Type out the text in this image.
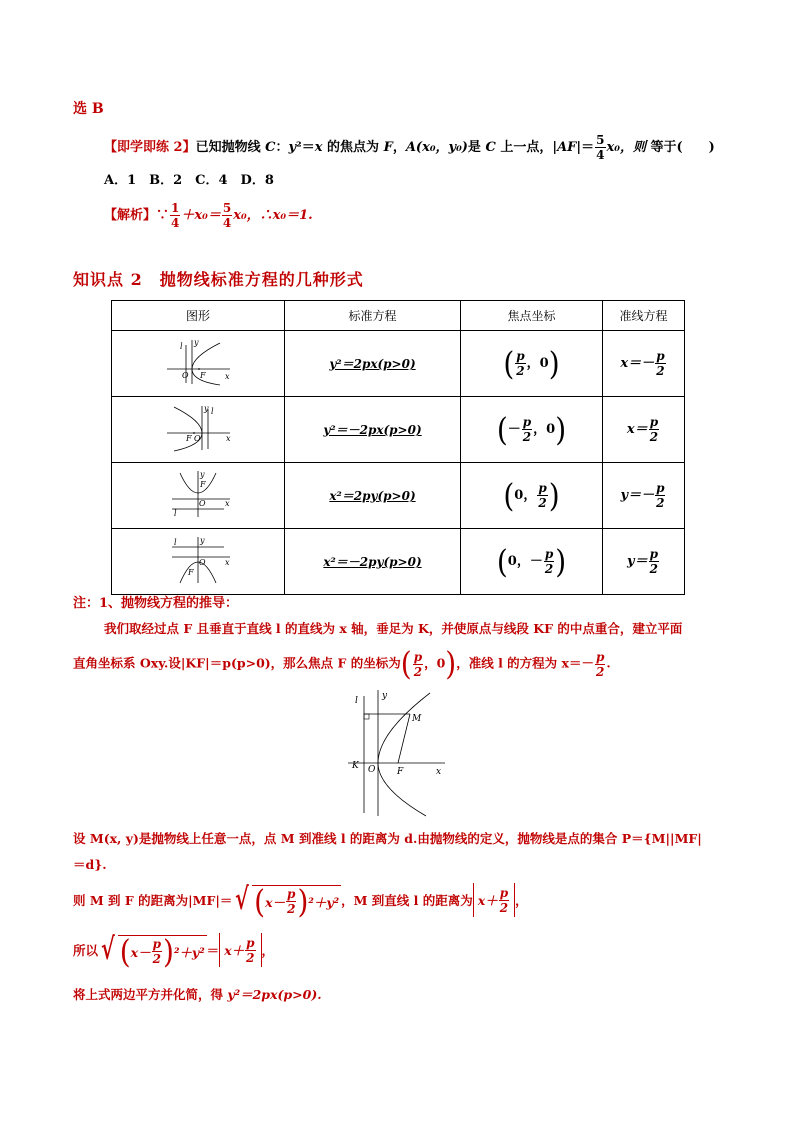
选 B
【即学即练 2】已知抛物线 C：y²＝x 的焦点为 F，A(x₀，y₀)是 C 上一点，$|AF|= \frac{5}{4} x_0$，则 等于(　　)
A．1　B．2　C．4　D．8
【解析】∵ $\frac{1}{4} +x_0= \frac{5}{4} x_0$，∴x₀＝1.
知识点 2　抛物线标准方程的几种形式
图形	标准方程	焦点坐标	准线方程

l y
O F x	y²＝2px(p>0)	( $\frac{p}{2}$ ，0)	$x=- \frac{p}{2}$

l
y
F O x	y²＝－2px(p>0)	(－ $\frac{p}{2}$ ，0)	$x= \frac{p}{2}$

y
F
O x
l	x²＝2py(p>0)	(0， $\frac{p}{2}$ )	$y=- \frac{p}{2}$

y
l
O x
F	x²＝－2py(p>0)	(0，－ $\frac{p}{2}$ )	$y= \frac{p}{2}$
注：1、抛物线方程的推导：
我们取经过点 F 且垂直于直线 l 的直线为 x 轴，垂足为 K，并使原点与线段 KF 的中点重合，建立平面
直角坐标系 Oxy.设|KF|＝p(p>0)，那么焦点 F 的坐标为( $\frac{p}{2}$ ，0)，准线 l 的方程为 $x=- \frac{p}{2}$ .
l	y
M
K O F	x
设 M(x, y)是抛物线上任意一点，点 M 到准线 l 的距离为 d.由抛物线的定义，抛物线是点的集合 P＝{M||MF|
＝d}.
则 M 到 F 的距离为|MF|＝ √ ( $x- \frac{p}{2}$ ) ²＋y² ，M 到直线 l 的距离为 $x+ \frac{p}{2}$ ，
所以 √ ( $x- \frac{p}{2}$ ) $^2+y^2 = x+ \frac{p}{2}$ ，
将上式两边平方并化简，得 y²＝2px(p>0).
